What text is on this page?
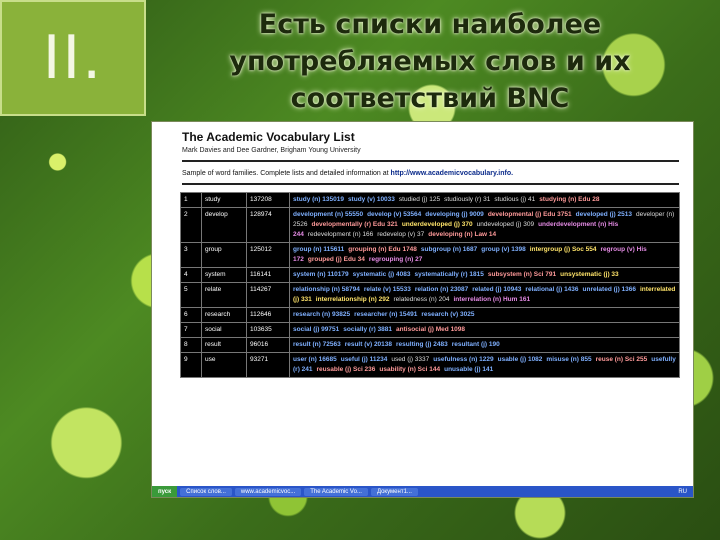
II.	Есть списки наиболее употребляемых слов и их соответствий BNC
The Academic Vocabulary List
Mark Davies and Dee Gardner, Brigham Young University
Sample of word families. Complete lists and detailed information at http://www.academicvocabulary.info.
1	study	137208	study (n) 135019 study (v) 10033 studied (j) 125 studiously (r) 31 studious (j) 41 studying (n) Edu 28
2	develop	128974	development (n) 55550 develop (v) 53564 developing (j) 9009 developmental (j) Edu 3751 developed (j) 2513 developer (n) 2526 developmentally (r) Edu 321 underdeveloped (j) 370 undeveloped (j) 309 underdevelopment (n) His 244 redevelopment (n) 166 redevelop (v) 37 developing (n) Law 14
3	group	125012	group (n) 115611 grouping (n) Edu 1748 subgroup (n) 1687 group (v) 1398 intergroup (j) Soc 554 regroup (v) His 172 grouped (j) Edu 34 regrouping (n) 27
4	system	116141	system (n) 110179 systematic (j) 4083 systematically (r) 1815 subsystem (n) Sci 791 unsystematic (j) 33
5	relate	114267	relationship (n) 58794 relate (v) 15533 relation (n) 23087 related (j) 10943 relational (j) 1436 unrelated (j) 1366 interrelated (j) 331 interrelationship (n) 292 relatedness (n) 204 interrelation (n) Hum 161
6	research	112646	research (n) 93825 researcher (n) 15491 research (v) 3025
7	social	103635	social (j) 99751 socially (r) 3881 antisocial (j) Med 1098
8	result	96016	result (n) 72563 result (v) 20138 resulting (j) 2483 resultant (j) 190
9	use	93271	user (n) 16685 useful (j) 11234 used (j) 3337 usefulness (n) 1229 usable (j) 1082 misuse (n) 855 reuse (n) Sci 255 usefully (r) 241 reusable (j) Sci 236 usability (n) Sci 144 unusable (j) 141
пуск	Список слов...	www.academicvoc...	The Academic Vo...	Документ1...	RU
